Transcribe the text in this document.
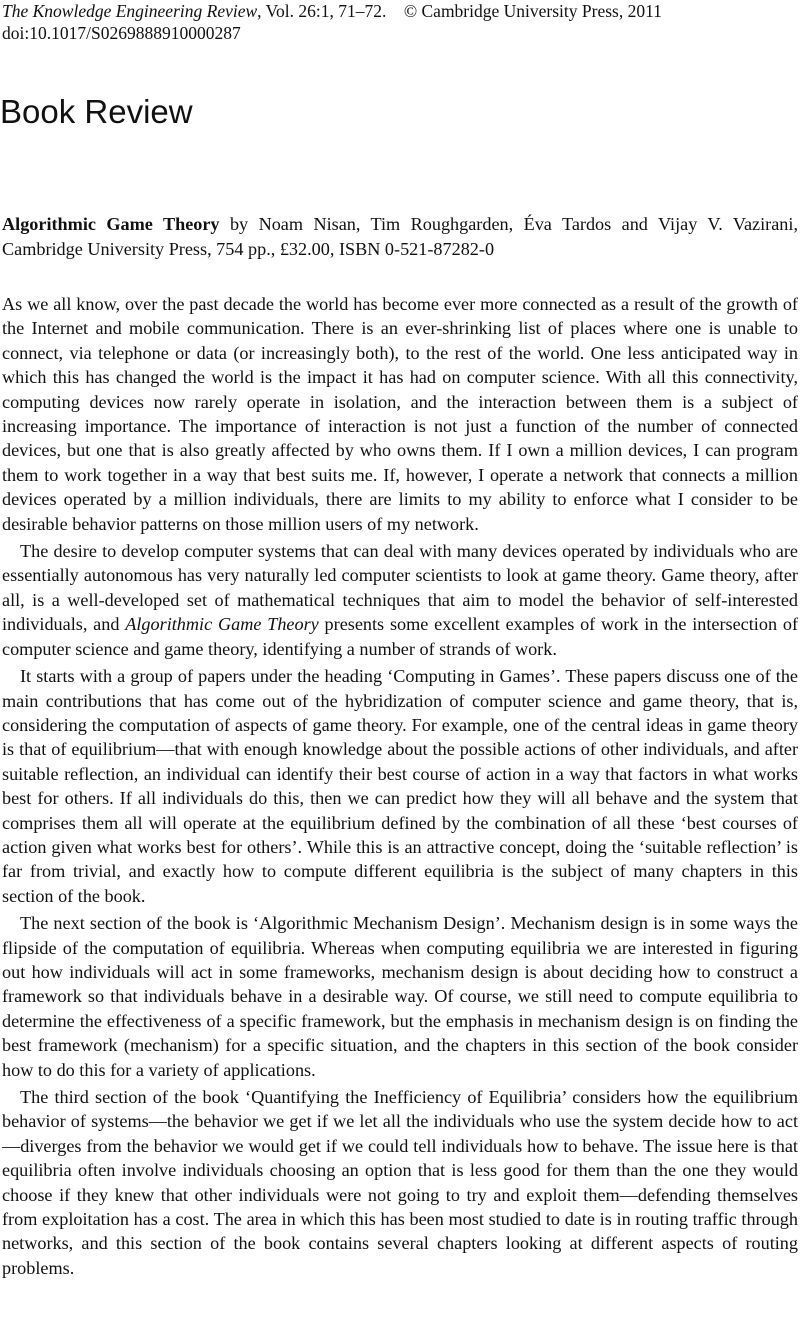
The Knowledge Engineering Review, Vol. 26:1, 71–72. © Cambridge University Press, 2011
doi:10.1017/S0269888910000287
Book Review

Algorithmic Game Theory by Noam Nisan, Tim Roughgarden, Éva Tardos and Vijay V. Vazirani, Cambridge University Press, 754 pp., £32.00, ISBN 0-521-87282-0

As we all know, over the past decade the world has become ever more connected as a result of the growth of the Internet and mobile communication. There is an ever-shrinking list of places where one is unable to connect, via telephone or data (or increasingly both), to the rest of the world. One less anticipated way in which this has changed the world is the impact it has had on computer science. With all this connectivity, computing devices now rarely operate in isolation, and the interaction between them is a subject of increasing importance. The importance of interaction is not just a function of the number of connected devices, but one that is also greatly affected by who owns them. If I own a million devices, I can program them to work together in a way that best suits me. If, however, I operate a network that connects a million devices operated by a million individuals, there are limits to my ability to enforce what I consider to be desirable behavior patterns on those million users of my network.

The desire to develop computer systems that can deal with many devices operated by individuals who are essentially autonomous has very naturally led computer scientists to look at game theory. Game theory, after all, is a well-developed set of mathematical techniques that aim to model the behavior of self-interested individuals, and Algorithmic Game Theory presents some excellent examples of work in the intersection of computer science and game theory, identifying a number of strands of work.

It starts with a group of papers under the heading ‘Computing in Games’. These papers discuss one of the main contributions that has come out of the hybridization of computer science and game theory, that is, considering the computation of aspects of game theory. For example, one of the central ideas in game theory is that of equilibrium—that with enough knowledge about the possible actions of other individuals, and after suitable reflection, an individual can identify their best course of action in a way that factors in what works best for others. If all individuals do this, then we can predict how they will all behave and the system that comprises them all will operate at the equilibrium defined by the combination of all these ‘best courses of action given what works best for others’. While this is an attractive concept, doing the ‘suitable reflection’ is far from trivial, and exactly how to compute different equilibria is the subject of many chapters in this section of the book.

The next section of the book is ‘Algorithmic Mechanism Design’. Mechanism design is in some ways the flipside of the computation of equilibria. Whereas when computing equilibria we are interested in figuring out how individuals will act in some frameworks, mechanism design is about deciding how to construct a framework so that individuals behave in a desirable way. Of course, we still need to compute equilibria to determine the effectiveness of a specific framework, but the emphasis in mechanism design is on finding the best framework (mechanism) for a specific situation, and the chapters in this section of the book consider how to do this for a variety of applications.

The third section of the book ‘Quantifying the Inefficiency of Equilibria’ considers how the equilibrium behavior of systems—the behavior we get if we let all the individuals who use the system decide how to act—diverges from the behavior we would get if we could tell individuals how to behave. The issue here is that equilibria often involve individuals choosing an option that is less good for them than the one they would choose if they knew that other individuals were not going to try and exploit them—defending themselves from exploitation has a cost. The area in which this has been most studied to date is in routing traffic through networks, and this section of the book contains several chapters looking at different aspects of routing problems.
